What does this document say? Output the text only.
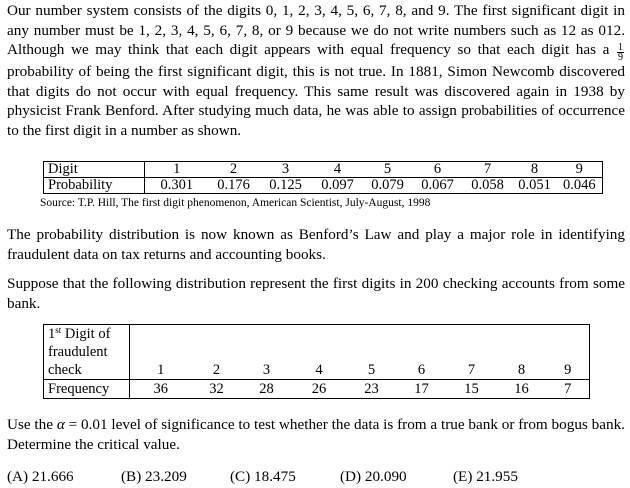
Our number system consists of the digits 0, 1, 2, 3, 4, 5, 6, 7, 8, and 9. The first significant digit in any number must be 1, 2, 3, 4, 5, 6, 7, 8, or 9 because we do not write numbers such as 12 as 012. Although we may think that each digit appears with equal frequency so that each digit has a $\frac{1}{9}$
probability of being the first significant digit, this is not true. In 1881, Simon Newcomb discovered that digits do not occur with equal frequency. This same result was discovered again in 1938 by physicist Frank Benford. After studying much data, he was able to assign probabilities of occurrence to the first digit in a number as shown.

Digit	1	2	3	4	5	6	7	8	9
Probability	0.301	0.176	0.125	0.097	0.079	0.067	0.058	0.051	0.046
Source: T.P. Hill, The first digit phenomenon, American Scientist, July-August, 1998

The probability distribution is now known as Benford’s Law and play a major role in identifying fraudulent data on tax returns and accounting books.

Suppose that the following distribution represent the first digits in 200 checking accounts from some bank.

1st Digit of									
fraudulent									
check	1	2	3	4	5	6	7	8	9
Frequency	36	32	28	26	23	17	15	16	7

Use the α = 0.01 level of significance to test whether the data is from a true bank or from bogus bank. Determine the critical value.

(A) 21.666	(B) 23.209	(C) 18.475	(D) 20.090	(E) 21.955
